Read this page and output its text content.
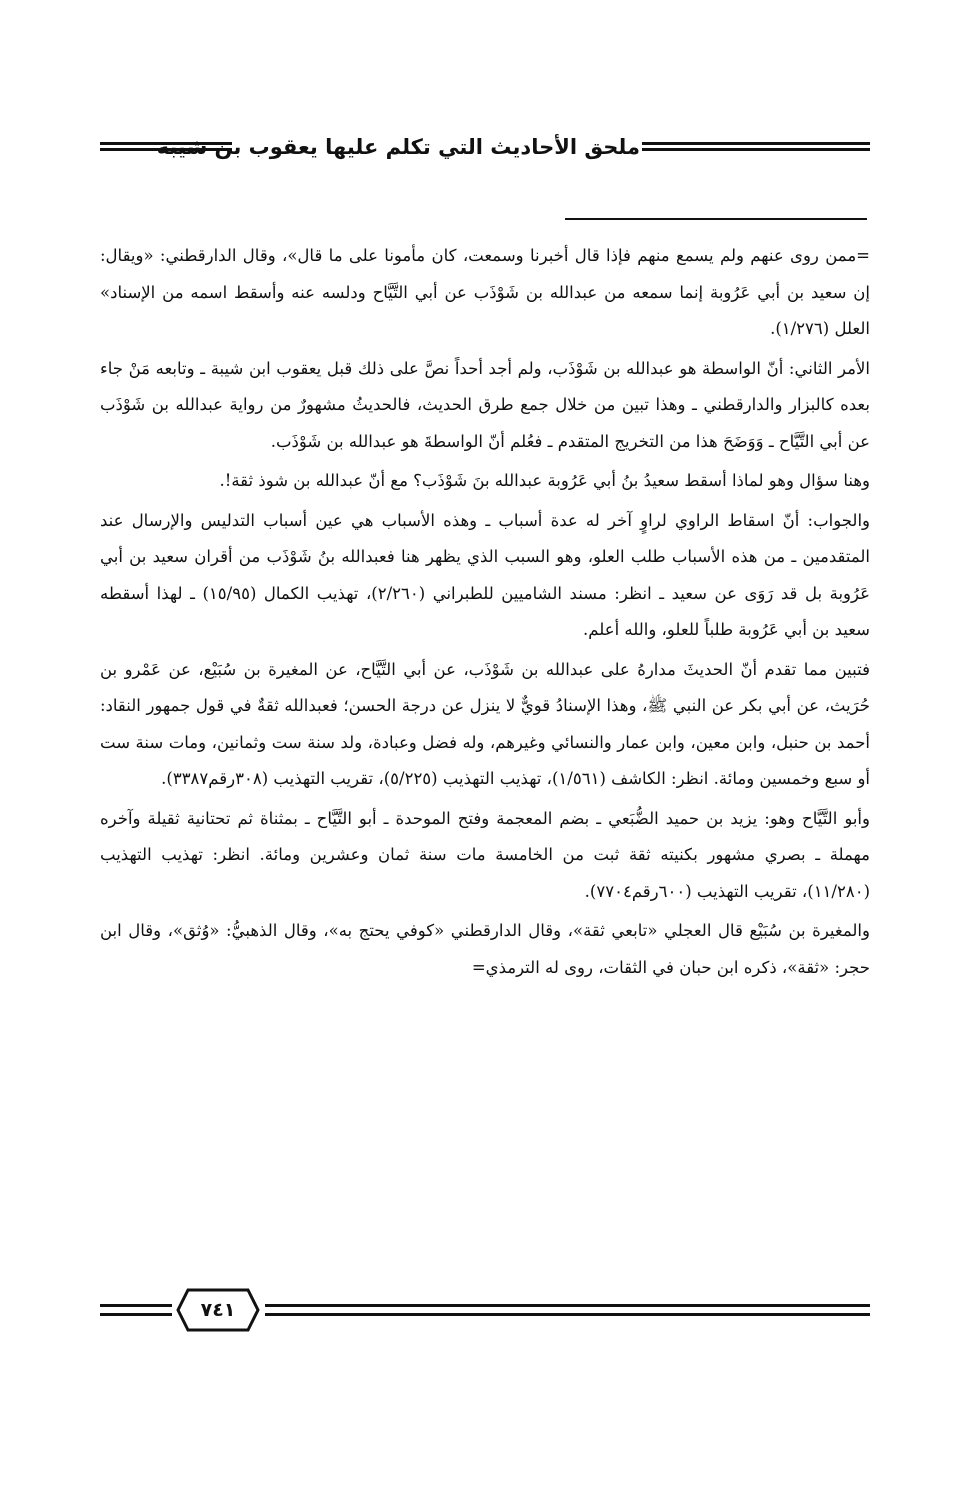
ملحق الأحاديث التي تكلم عليها يعقوب بن شيبة

=ممن روى عنهم ولم يسمع منهم فإذا قال أخبرنا وسمعت، كان مأمونا على ما قال»، وقال الدارقطني: «ويقال: إن سعيد بن أبي عَرُوبة إنما سمعه من عبدالله بن شَوْذَب عن أبي التَّيَّاح ودلسه عنه وأسقط اسمه من الإسناد» العلل (١/٢٧٦).

الأمر الثاني: أنّ الواسطة هو عبدالله بن شَوْذَب، ولم أجد أحداً نصَّ على ذلك قبل يعقوب ابن شيبة ـ وتابعه مَنْ جاء بعده كالبزار والدارقطني ـ وهذا تبين من خلال جمع طرق الحديث، فالحديثُ مشهورٌ من رواية عبدالله بن شَوْذَب عن أبي التَّيَّاح ـ وَوَضَحَ هذا من التخريج المتقدم ـ فعُلم أنّ الواسطةَ هو عبدالله بن شَوْذَب.

وهنا سؤال وهو لماذا أسقط سعيدُ بنُ أبي عَرُوبة عبدالله بنَ شَوْذَب؟ مع أنّ عبدالله بن شوذ ثقة!.

والجواب: أنّ اسقاط الراوي لراوٍ آخر له عدة أسباب ـ وهذه الأسباب هي عين أسباب التدليس والإرسال عند المتقدمين ـ من هذه الأسباب طلب العلو، وهو السبب الذي يظهر هنا فعبدالله بنُ شَوْذَب من أقران سعيد بن أبي عَرُوبة بل قد رَوَى عن سعيد ـ انظر: مسند الشاميين للطبراني (٢/٢٦٠)، تهذيب الكمال (١٥/٩٥) ـ لهذا أسقطه سعيد بن أبي عَرُوبة طلباً للعلو، والله أعلم.

فتبين مما تقدم أنّ الحديثَ مدارهُ على عبدالله بن شَوْذَب، عن أبي التَّيَّاح، عن المغيرة بن سُبَيْع، عن عَمْرو بن حُرَيث، عن أبي بكر عن النبي ﷺ، وهذا الإسنادُ قويٌّ لا ينزل عن درجة الحسن؛ فعبدالله ثقةٌ في قول جمهور النقاد: أحمد بن حنبل، وابن معين، وابن عمار والنسائي وغيرهم، وله فضل وعبادة، ولد سنة ست وثمانين، ومات سنة ست أو سبع وخمسين ومائة. انظر: الكاشف (١/٥٦١)، تهذيب التهذيب (٥/٢٢٥)، تقريب التهذيب (٣٠٨رقم٣٣٨٧).

وأبو التَّيَّاح وهو: يزيد بن حميد الضُّبَعي ـ بضم المعجمة وفتح الموحدة ـ أبو التَّيَّاح ـ بمثناة ثم تحتانية ثقيلة وآخره مهملة ـ بصري مشهور بكنيته ثقة ثبت من الخامسة مات سنة ثمان وعشرين ومائة. انظر: تهذيب التهذيب (١١/٢٨٠)، تقريب التهذيب (٦٠٠رقم٧٧٠٤).

والمغيرة بن سُبَيْع قال العجلي «تابعي ثقة»، وقال الدارقطني «كوفي يحتج به»، وقال الذهبيُّ: «وُثق»، وقال ابن حجر: «ثقة»، ذكره ابن حبان في الثقات، روى له الترمذي=

٧٤١
